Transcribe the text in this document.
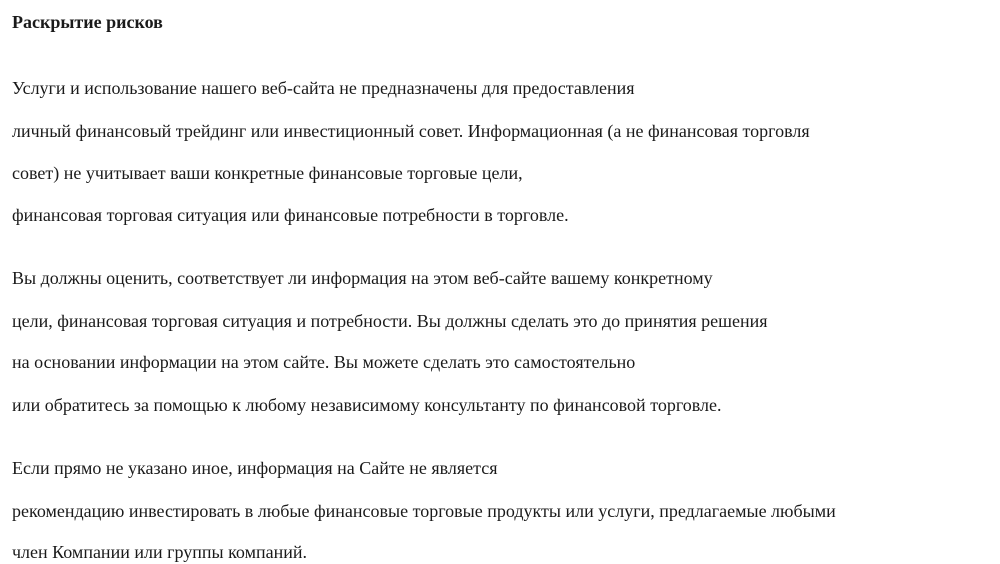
Раскрытие рисков

Услуги и использование нашего веб-сайта не предназначены для предоставления

личный финансовый трейдинг или инвестиционный совет. Информационная (а не финансовая торговля

совет) не учитывает ваши конкретные финансовые торговые цели,

финансовая торговая ситуация или финансовые потребности в торговле.

Вы должны оценить, соответствует ли информация на этом веб-сайте вашему конкретному

цели, финансовая торговая ситуация и потребности. Вы должны сделать это до принятия решения

на основании информации на этом сайте. Вы можете сделать это самостоятельно

или обратитесь за помощью к любому независимому консультанту по финансовой торговле.

Если прямо не указано иное, информация на Сайте не является

рекомендацию инвестировать в любые финансовые торговые продукты или услуги, предлагаемые любыми

член Компании или группы компаний.
